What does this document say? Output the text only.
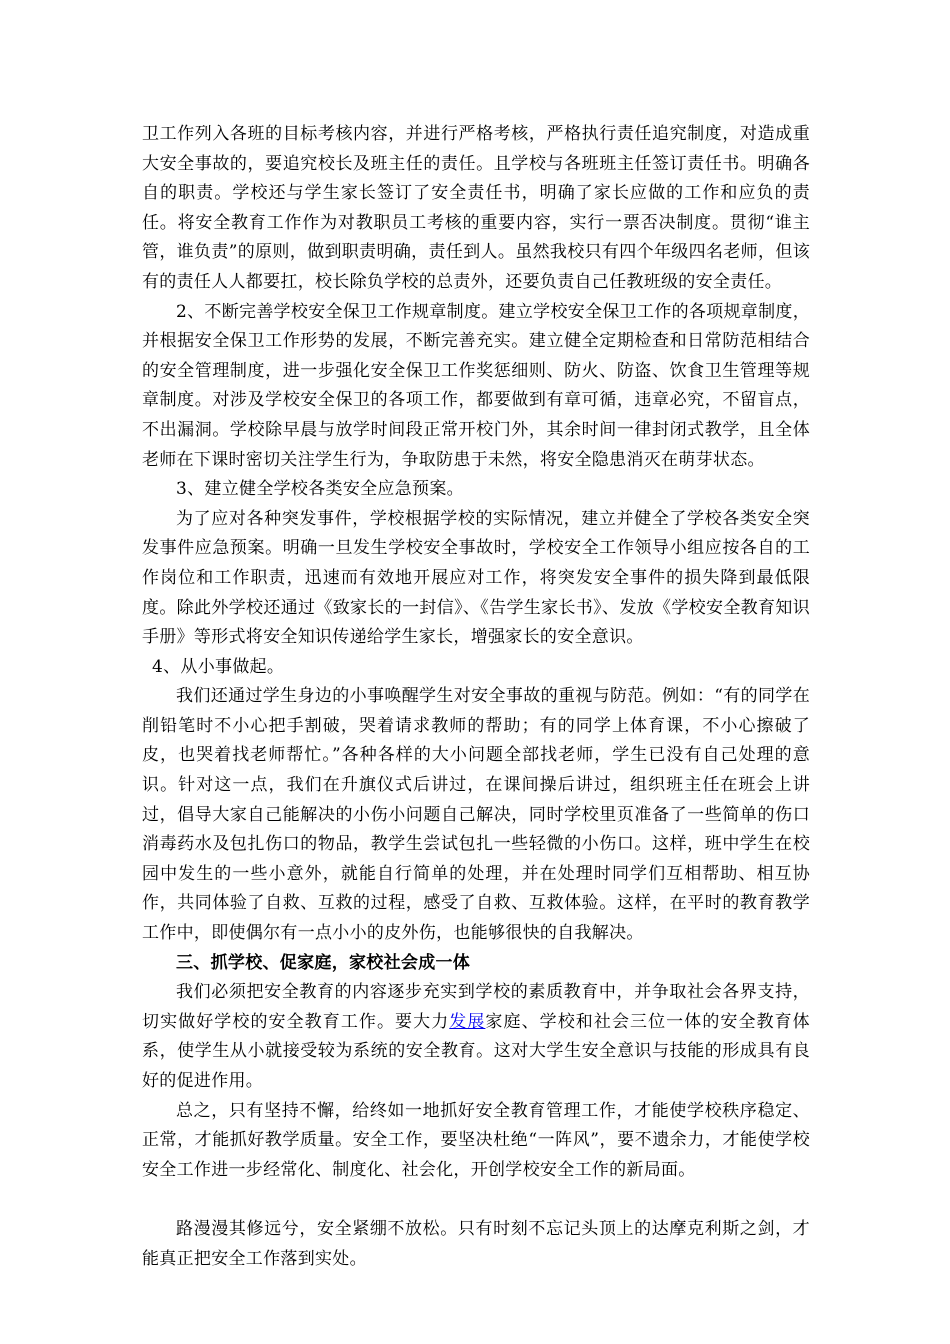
卫工作列入各班的目标考核内容，并进行严格考核，严格执行责任追究制度，对造成重大安全事故的，要追究校长及班主任的责任。且学校与各班班主任签订责任书。明确各自的职责。学校还与学生家长签订了安全责任书，明确了家长应做的工作和应负的责任。将安全教育工作作为对教职员工考核的重要内容，实行一票否决制度。贯彻“谁主管，谁负责”的原则，做到职责明确，责任到人。虽然我校只有四个年级四名老师，但该有的责任人人都要扛，校长除负学校的总责外，还要负责自己任教班级的安全责任。

2、不断完善学校安全保卫工作规章制度。建立学校安全保卫工作的各项规章制度，并根据安全保卫工作形势的发展，不断完善充实。建立健全定期检查和日常防范相结合的安全管理制度，进一步强化安全保卫工作奖惩细则、防火、防盗、饮食卫生管理等规章制度。对涉及学校安全保卫的各项工作，都要做到有章可循，违章必究，不留盲点，不出漏洞。学校除早晨与放学时间段正常开校门外，其余时间一律封闭式教学，且全体老师在下课时密切关注学生行为，争取防患于未然，将安全隐患消灭在萌芽状态。

3、建立健全学校各类安全应急预案。

为了应对各种突发事件，学校根据学校的实际情况，建立并健全了学校各类安全突发事件应急预案。明确一旦发生学校安全事故时，学校安全工作领导小组应按各自的工作岗位和工作职责，迅速而有效地开展应对工作，将突发安全事件的损失降到最低限度。除此外学校还通过《致家长的一封信》、《告学生家长书》、发放《学校安全教育知识手册》等形式将安全知识传递给学生家长，增强家长的安全意识。

4、从小事做起。

我们还通过学生身边的小事唤醒学生对安全事故的重视与防范。例如：“有的同学在削铅笔时不小心把手割破，哭着请求教师的帮助；有的同学上体育课，不小心擦破了皮，也哭着找老师帮忙。”各种各样的大小问题全部找老师，学生已没有自己处理的意识。针对这一点，我们在升旗仪式后讲过，在课间操后讲过，组织班主任在班会上讲过，倡导大家自己能解决的小伤小问题自己解决，同时学校里页准备了一些简单的伤口消毒药水及包扎伤口的物品，教学生尝试包扎一些轻微的小伤口。这样，班中学生在校园中发生的一些小意外，就能自行简单的处理，并在处理时同学们互相帮助、相互协作，共同体验了自救、互救的过程，感受了自救、互救体验。这样，在平时的教育教学工作中，即使偶尔有一点小小的皮外伤，也能够很快的自我解决。

三、抓学校、促家庭，家校社会成一体

我们必须把安全教育的内容逐步充实到学校的素质教育中，并争取社会各界支持，切实做好学校的安全教育工作。要大力发展家庭、学校和社会三位一体的安全教育体系，使学生从小就接受较为系统的安全教育。这对大学生安全意识与技能的形成具有良好的促进作用。

总之，只有坚持不懈，给终如一地抓好安全教育管理工作，才能使学校秩序稳定、正常，才能抓好教学质量。安全工作，要坚决杜绝“一阵风”，要不遗余力，才能使学校安全工作进一步经常化、制度化、社会化，开创学校安全工作的新局面。

路漫漫其修远兮，安全紧绷不放松。只有时刻不忘记头顶上的达摩克利斯之剑，才能真正把安全工作落到实处。
